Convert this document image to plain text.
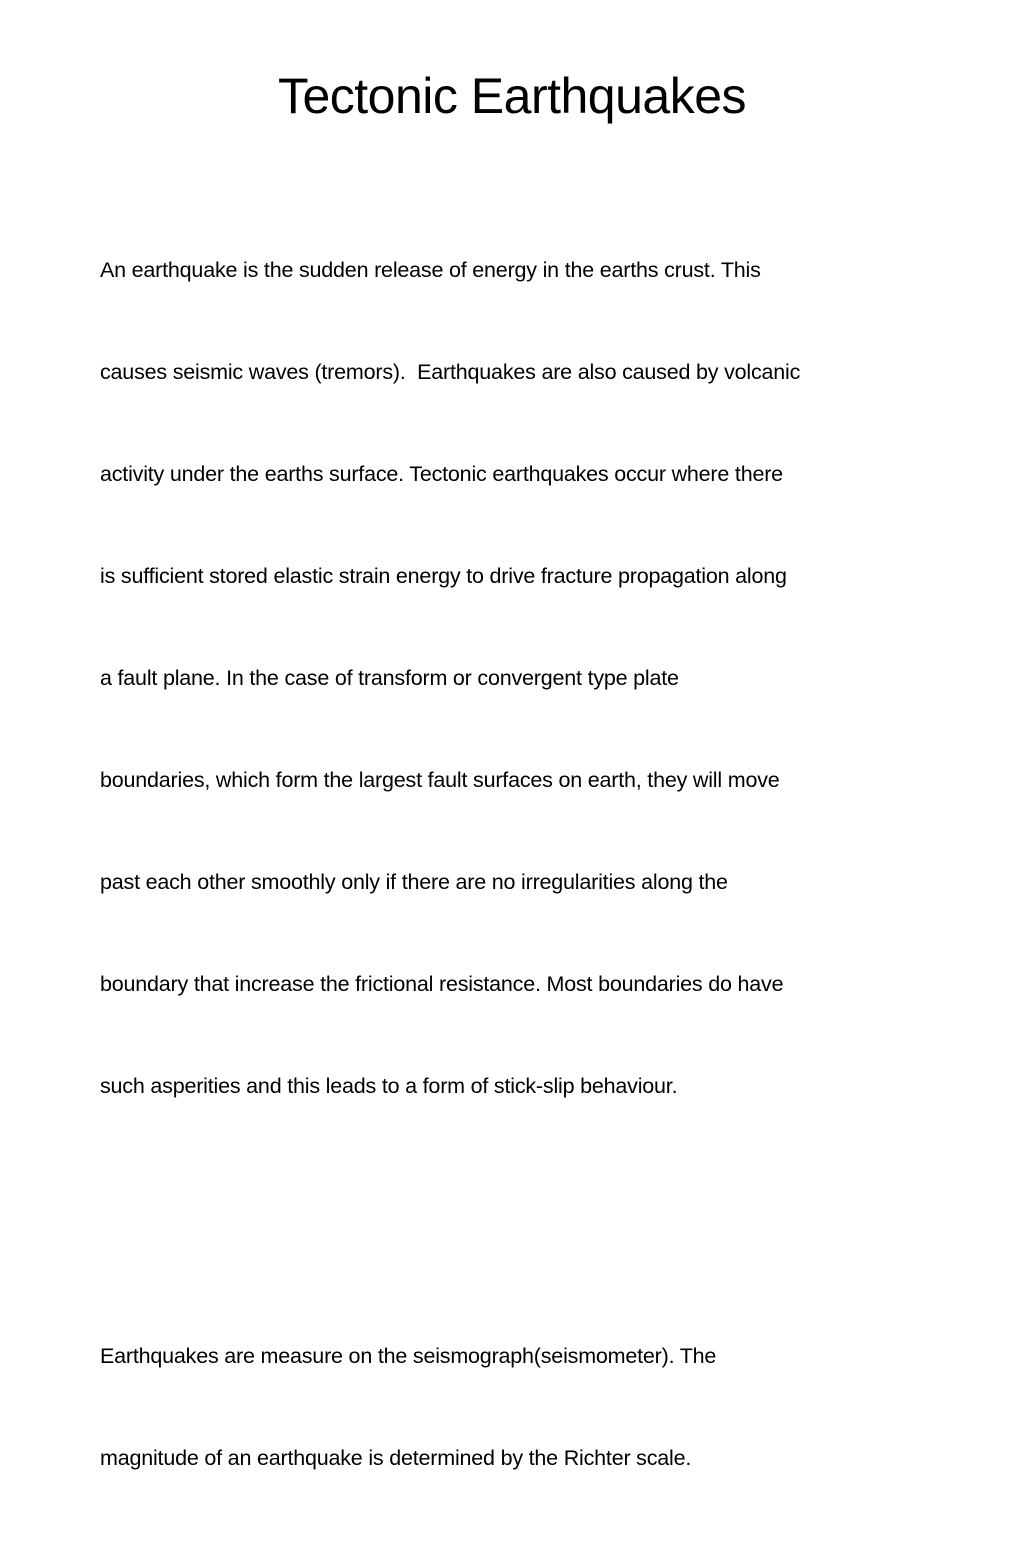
Tectonic Earthquakes

An earthquake is the sudden release of energy in the earths crust. This

causes seismic waves (tremors).  Earthquakes are also caused by volcanic

activity under the earths surface. Tectonic earthquakes occur where there

is sufficient stored elastic strain energy to drive fracture propagation along

a fault plane. In the case of transform or convergent type plate

boundaries, which form the largest fault surfaces on earth, they will move

past each other smoothly only if there are no irregularities along the

boundary that increase the frictional resistance. Most boundaries do have

such asperities and this leads to a form of stick-slip behaviour.

Earthquakes are measure on the seismograph(seismometer). The

magnitude of an earthquake is determined by the Richter scale.
